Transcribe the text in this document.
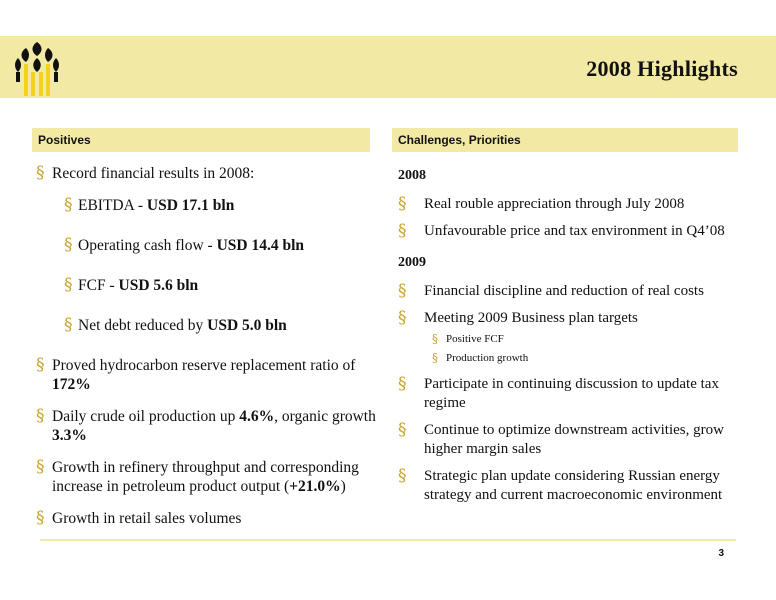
2008 Highlights
Positives	Challenges, Priorities
§ Record financial results in 2008:
§ EBITDA - USD 17.1 bln
§ Operating cash flow - USD 14.4 bln
§ FCF - USD 5.6 bln
§ Net debt reduced by USD 5.0 bln
§ Proved hydrocarbon reserve replacement ratio of 172%
§ Daily crude oil production up 4.6%, organic growth 3.3%
§ Growth in refinery throughput and corresponding increase in petroleum product output (+21.0%)
§ Growth in retail sales volumes
2008
§ Real rouble appreciation through July 2008
§ Unfavourable price and tax environment in Q4’08
2009
§ Financial discipline and reduction of real costs
§ Meeting 2009 Business plan targets
§ Positive FCF
§ Production growth
§ Participate in continuing discussion to update tax regime
§ Continue to optimize downstream activities, grow higher margin sales
§ Strategic plan update considering Russian energy strategy and current macroeconomic environment
3
